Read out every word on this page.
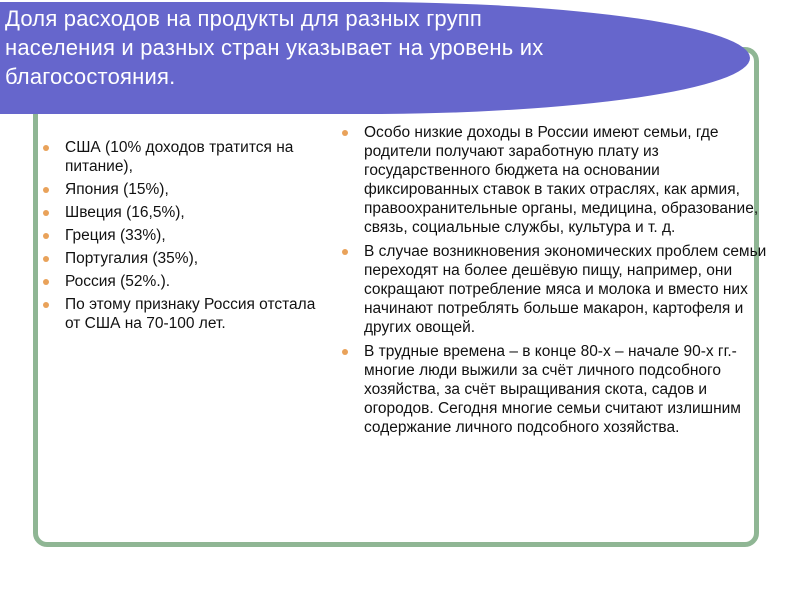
Доля расходов на продукты для разных групп
населения и разных стран указывает на уровень их
благосостояния.
США (10% доходов тратится на питание),
Япония (15%),
Швеция (16,5%),
Греция (33%),
Португалия (35%),
Россия (52%.).
По этому признаку Россия отстала от США на 70-100 лет.
Особо низкие доходы в России имеют семьи, где родители получают заработную плату из государственного бюджета на основании фиксированных ставок в таких отраслях, как армия, правоохранительные органы, медицина, образование, связь, социальные службы, культура и т. д.
В случае возникновения экономических проблем семьи переходят на более дешёвую пищу, например, они сокращают потребление мяса и молока и вместо них начинают потреблять больше макарон, картофеля и других овощей.
В трудные времена – в конце 80-х – начале 90-х гг.- многие люди выжили за счёт личного подсобного хозяйства, за счёт выращивания скота, садов и огородов. Сегодня многие семьи считают излишним содержание личного подсобного хозяйства.
